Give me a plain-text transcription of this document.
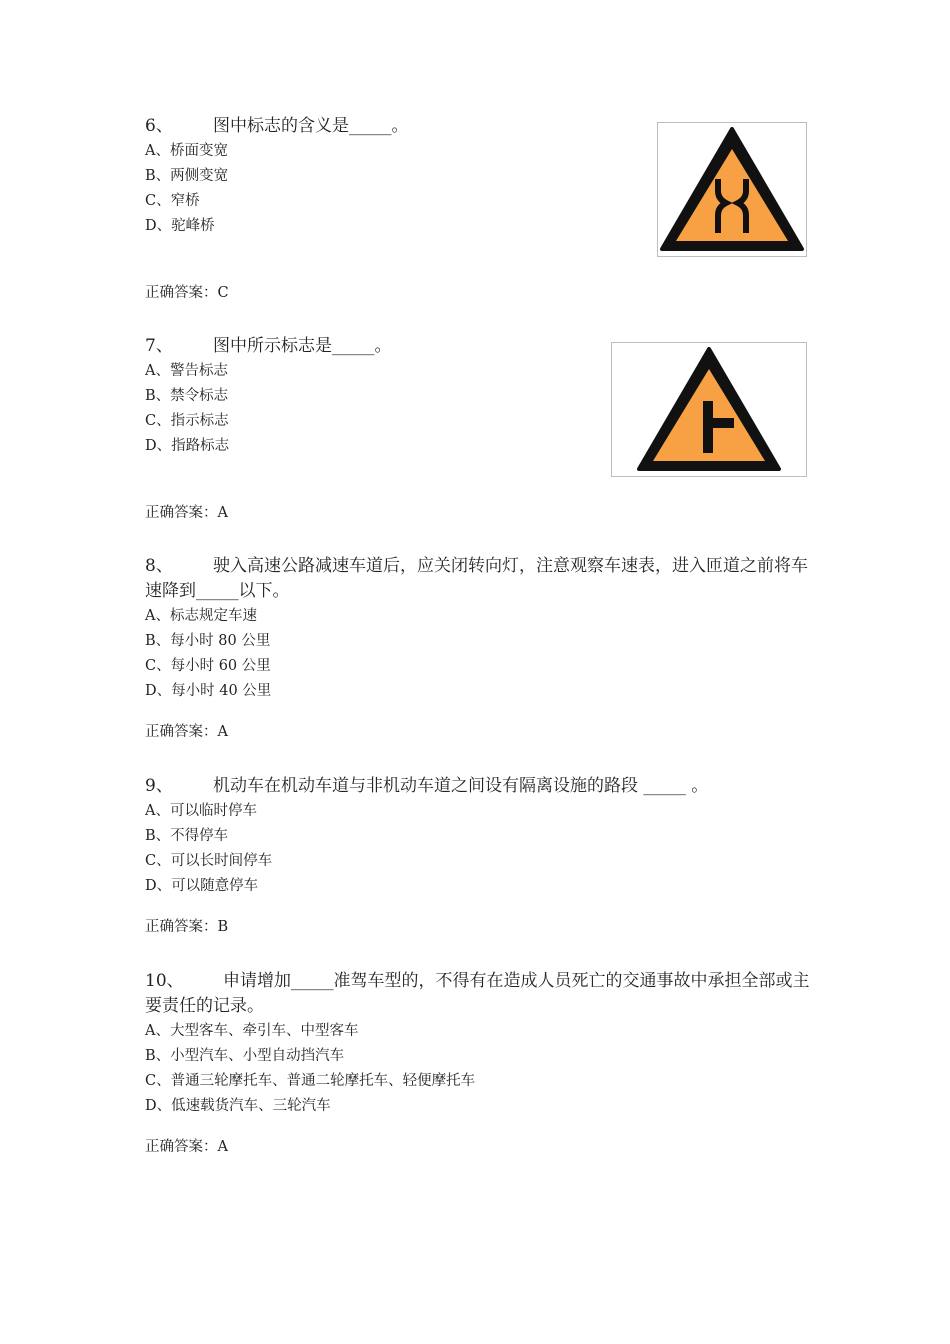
6、 图中标志的含义是_____。

A、桥面变宽

B、两侧变宽

C、窄桥

D、驼峰桥

正确答案：C

7、 图中所示标志是_____。

A、警告标志

B、禁令标志

C、指示标志

D、指路标志

正确答案：A

8、 驶入高速公路减速车道后，应关闭转向灯，注意观察车速表，进入匝道之前将车速降到_____以下。

A、标志规定车速

B、每小时 80 公里

C、每小时 60 公里

D、每小时 40 公里

正确答案：A

9、 机动车在机动车道与非机动车道之间设有隔离设施的路段 _____ 。

A、可以临时停车

B、不得停车

C、可以长时间停车

D、可以随意停车

正确答案：B

10、 申请增加_____准驾车型的，不得有在造成人员死亡的交通事故中承担全部或主要责任的记录。

A、大型客车、牵引车、中型客车

B、小型汽车、小型自动挡汽车

C、普通三轮摩托车、普通二轮摩托车、轻便摩托车

D、低速载货汽车、三轮汽车

正确答案：A
